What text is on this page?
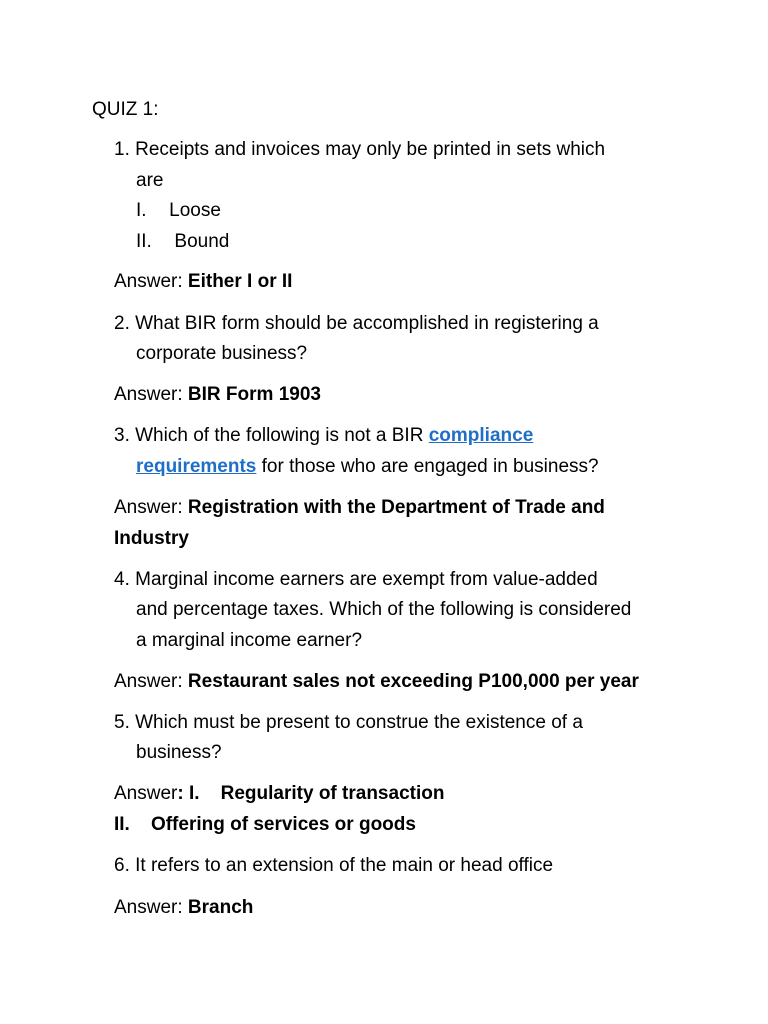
QUIZ 1:
1. Receipts and invoices may only be printed in sets which
are
I. Loose
II. Bound
Answer: Either I or II
2. What BIR form should be accomplished in registering a
corporate business?
Answer: BIR Form 1903
3. Which of the following is not a BIR compliance
requirements for those who are engaged in business?
Answer: Registration with the Department of Trade and
Industry
4. Marginal income earners are exempt from value-added
and percentage taxes. Which of the following is considered
a marginal income earner?
Answer: Restaurant sales not exceeding P100,000 per year
5. Which must be present to construe the existence of a
business?
Answer: I.    Regularity of transaction
II.    Offering of services or goods
6. It refers to an extension of the main or head office
Answer: Branch
